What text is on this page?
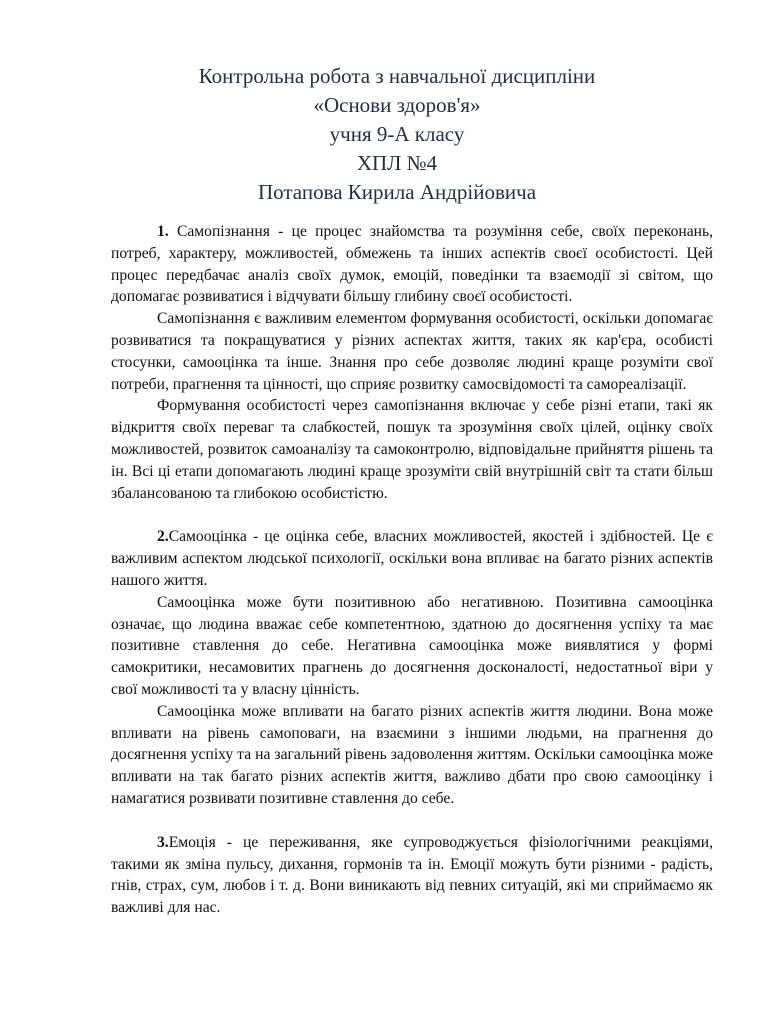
Контрольна робота з навчальної дисципліни
«Основи здоров'я»
учня 9-А класу
ХПЛ №4
Потапова Кирила Андрійовича

1. Самопізнання - це процес знайомства та розуміння себе, своїх переконань, потреб, характеру, можливостей, обмежень та інших аспектів своєї особистості. Цей процес передбачає аналіз своїх думок, емоцій, поведінки та взаємодії зі світом, що допомагає розвиватися і відчувати більшу глибину своєї особистості.

Самопізнання є важливим елементом формування особистості, оскільки допомагає розвиватися та покращуватися у різних аспектах життя, таких як кар'єра, особисті стосунки, самооцінка та інше. Знання про себе дозволяє людині краще розуміти свої потреби, прагнення та цінності, що сприяє розвитку самосвідомості та самореалізації.

Формування особистості через самопізнання включає у себе різні етапи, такі як відкриття своїх переваг та слабкостей, пошук та зрозуміння своїх цілей, оцінку своїх можливостей, розвиток самоаналізу та самоконтролю, відповідальне прийняття рішень та ін. Всі ці етапи допомагають людині краще зрозуміти свій внутрішній світ та стати більш збалансованою та глибокою особистістю.

2.Самооцінка - це оцінка себе, власних можливостей, якостей і здібностей. Це є важливим аспектом людської психології, оскільки вона впливає на багато різних аспектів нашого життя.

Самооцінка може бути позитивною або негативною. Позитивна самооцінка означає, що людина вважає себе компетентною, здатною до досягнення успіху та має позитивне ставлення до себе. Негативна самооцінка може виявлятися у формі самокритики, несамовитих прагнень до досягнення досконалості, недостатньої віри у свої можливості та у власну цінність.

Самооцінка може впливати на багато різних аспектів життя людини. Вона може впливати на рівень самоповаги, на взаємини з іншими людьми, на прагнення до досягнення успіху та на загальний рівень задоволення життям. Оскільки самооцінка може впливати на так багато різних аспектів життя, важливо дбати про свою самооцінку і намагатися розвивати позитивне ставлення до себе.

3.Емоція - це переживання, яке супроводжується фізіологічними реакціями, такими як зміна пульсу, дихання, гормонів та ін. Емоції можуть бути різними - радість, гнів, страх, сум, любов і т. д. Вони виникають від певних ситуацій, які ми сприймаємо як важливі для нас.
